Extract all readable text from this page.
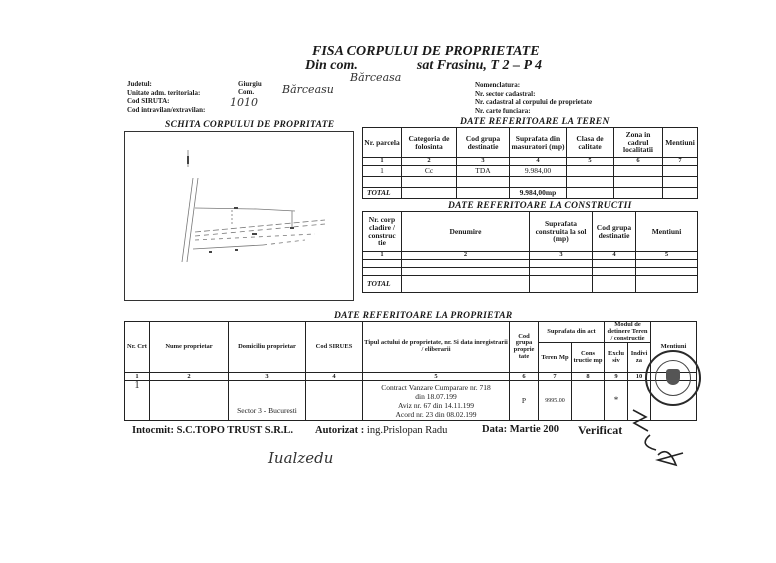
FISA CORPULUI DE PROPRIETATE
Din com.	sat Frasinu, T 2 – P 4
Bărceasa
Judetul:
Unitate adm. teritoriala:
Cod SIRUTA:
Cod intravilan/extravilan:
Giurgiu
Com.	Bărceasu
1010
Nomenclatura:
Nr. sector cadastral:
Nr. cadastral al corpului de proprietate
Nr. carte funciara:
SCHITA CORPULUI DE PROPRITATE	DATE REFERITOARE LA TEREN
Nr. parcela	Categoria de folosinta	Cod grupa destinatie	Suprafata din masuratori (mp)	Clasa de calitate	Zona in cadrul localitatii	Mentiuni
1	2	3	4	5	6	7
1	Cc	TDA	9.984,00			

TOTAL			9.984,00mp			
DATE REFERITOARE LA CONSTRUCTII
Nr. corp cladire / construc tie	Denumire	Suprafata construita la sol (mp)	Cod grupa destinatie	Mentiuni
1	2	3	4	5

TOTAL				
DATE REFERITOARE LA PROPRIETAR
Nr. Crt	Nume proprietar	Domiciliu proprietar	Cod SIRUES	Tipul actului de proprietate, nr. Si data inregistrarii / eliberarii	Cod grupa proprie tate	Suprafata din act		Modul de detinere Teren / constructie		Mentiuni
						Teren Mp	Cons tructie mp	Exclu siv	Indivi za	
1	2	3	4	5	6	7	8	9	10	
1		Sector 3 - Bucuresti		Contract Vanzare Cumparare nr. 718
din 18.07.199
Aviz nr. 67 din 14.11.199
Acord nr. 23 din 08.02.199	P	9995.00		*		
Intocmit: S.C.TOPO TRUST S.R.L. Autorizat : ing.Prislopan Radu	Data: Martie 200 Verificat
Iualzedu
